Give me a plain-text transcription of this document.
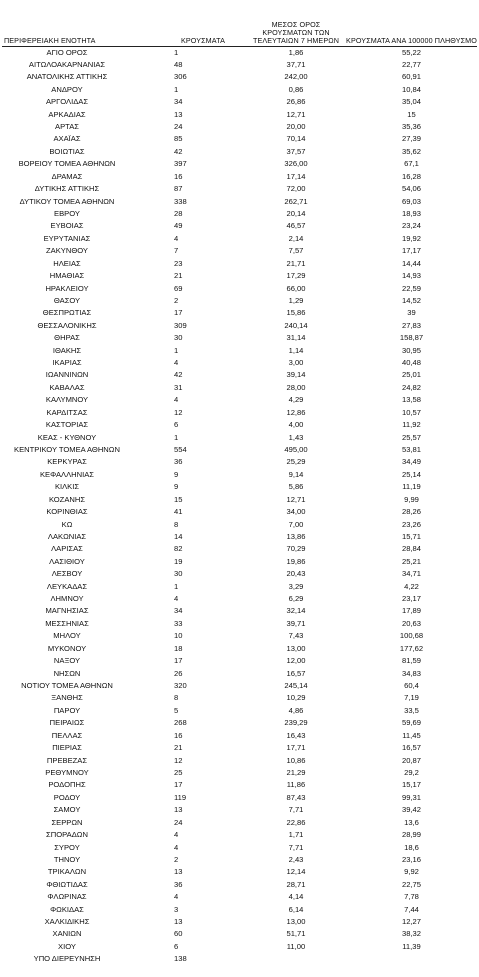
ΠΕΡΙΦΕΡΕΙΑΚΗ ΕΝΟΤΗΤΑ	ΚΡΟΥΣΜΑΤΑ	ΜΕΣΟΣ ΟΡΟΣ ΚΡΟΥΣΜΑΤΩΝ ΤΩΝ ΤΕΛΕΥΤΑΙΩΝ 7 ΗΜΕΡΩΝ	ΚΡΟΥΣΜΑΤΑ ΑΝΑ 100000 ΠΛΗΘΥΣΜΟ
ΑΓΙΟ ΟΡΟΣ	1	1,86	55,22
ΑΙΤΩΛΟΑΚΑΡΝΑΝΙΑΣ	48	37,71	22,77
ΑΝΑΤΟΛΙΚΗΣ ΑΤΤΙΚΗΣ	306	242,00	60,91
ΑΝΔΡΟΥ	1	0,86	10,84
ΑΡΓΟΛΙΔΑΣ	34	26,86	35,04
ΑΡΚΑΔΙΑΣ	13	12,71	15
ΑΡΤΑΣ	24	20,00	35,36
ΑΧΑΪΑΣ	85	70,14	27,39
ΒΟΙΩΤΙΑΣ	42	37,57	35,62
ΒΟΡΕΙΟΥ ΤΟΜΕΑ ΑΘΗΝΩΝ	397	326,00	67,1
ΔΡΑΜΑΣ	16	17,14	16,28
ΔΥΤΙΚΗΣ ΑΤΤΙΚΗΣ	87	72,00	54,06
ΔΥΤΙΚΟΥ ΤΟΜΕΑ ΑΘΗΝΩΝ	338	262,71	69,03
ΕΒΡΟΥ	28	20,14	18,93
ΕΥΒΟΙΑΣ	49	46,57	23,24
ΕΥΡΥΤΑΝΙΑΣ	4	2,14	19,92
ΖΑΚΥΝΘΟΥ	7	7,57	17,17
ΗΛΕΙΑΣ	23	21,71	14,44
ΗΜΑΘΙΑΣ	21	17,29	14,93
ΗΡΑΚΛΕΙΟΥ	69	66,00	22,59
ΘΑΣΟΥ	2	1,29	14,52
ΘΕΣΠΡΩΤΙΑΣ	17	15,86	39
ΘΕΣΣΑΛΟΝΙΚΗΣ	309	240,14	27,83
ΘΗΡΑΣ	30	31,14	158,87
ΙΘΑΚΗΣ	1	1,14	30,95
ΙΚΑΡΙΑΣ	4	3,00	40,48
ΙΩΑΝΝΙΝΩΝ	42	39,14	25,01
ΚΑΒΑΛΑΣ	31	28,00	24,82
ΚΑΛΥΜΝΟΥ	4	4,29	13,58
ΚΑΡΔΙΤΣΑΣ	12	12,86	10,57
ΚΑΣΤΟΡΙΑΣ	6	4,00	11,92
ΚΕΑΣ - ΚΥΘΝΟΥ	1	1,43	25,57
ΚΕΝΤΡΙΚΟΥ ΤΟΜΕΑ ΑΘΗΝΩΝ	554	495,00	53,81
ΚΕΡΚΥΡΑΣ	36	25,29	34,49
ΚΕΦΑΛΛΗΝΙΑΣ	9	9,14	25,14
ΚΙΛΚΙΣ	9	5,86	11,19
ΚΟΖΑΝΗΣ	15	12,71	9,99
ΚΟΡΙΝΘΙΑΣ	41	34,00	28,26
ΚΩ	8	7,00	23,26
ΛΑΚΩΝΙΑΣ	14	13,86	15,71
ΛΑΡΙΣΑΣ	82	70,29	28,84
ΛΑΣΙΘΙΟΥ	19	19,86	25,21
ΛΕΣΒΟΥ	30	20,43	34,71
ΛΕΥΚΑΔΑΣ	1	3,29	4,22
ΛΗΜΝΟΥ	4	6,29	23,17
ΜΑΓΝΗΣΙΑΣ	34	32,14	17,89
ΜΕΣΣΗΝΙΑΣ	33	39,71	20,63
ΜΗΛΟΥ	10	7,43	100,68
ΜΥΚΟΝΟΥ	18	13,00	177,62
ΝΑΞΟΥ	17	12,00	81,59
ΝΗΣΩΝ	26	16,57	34,83
ΝΟΤΙΟΥ ΤΟΜΕΑ ΑΘΗΝΩΝ	320	245,14	60,4
ΞΑΝΘΗΣ	8	10,29	7,19
ΠΑΡΟΥ	5	4,86	33,5
ΠΕΙΡΑΙΩΣ	268	239,29	59,69
ΠΕΛΛΑΣ	16	16,43	11,45
ΠΙΕΡΙΑΣ	21	17,71	16,57
ΠΡΕΒΕΖΑΣ	12	10,86	20,87
ΡΕΘΥΜΝΟΥ	25	21,29	29,2
ΡΟΔΟΠΗΣ	17	11,86	15,17
ΡΟΔΟΥ	119	87,43	99,31
ΣΑΜΟΥ	13	7,71	39,42
ΣΕΡΡΩΝ	24	22,86	13,6
ΣΠΟΡΑΔΩΝ	4	1,71	28,99
ΣΥΡΟΥ	4	7,71	18,6
ΤΗΝΟΥ	2	2,43	23,16
ΤΡΙΚΑΛΩΝ	13	12,14	9,92
ΦΘΙΩΤΙΔΑΣ	36	28,71	22,75
ΦΛΩΡΙΝΑΣ	4	4,14	7,78
ΦΩΚΙΔΑΣ	3	6,14	7,44
ΧΑΛΚΙΔΙΚΗΣ	13	13,00	12,27
ΧΑΝΙΩΝ	60	51,71	38,32
ΧΙΟΥ	6	11,00	11,39
ΥΠΟ ΔΙΕΡΕΥΝΗΣΗ	138		
